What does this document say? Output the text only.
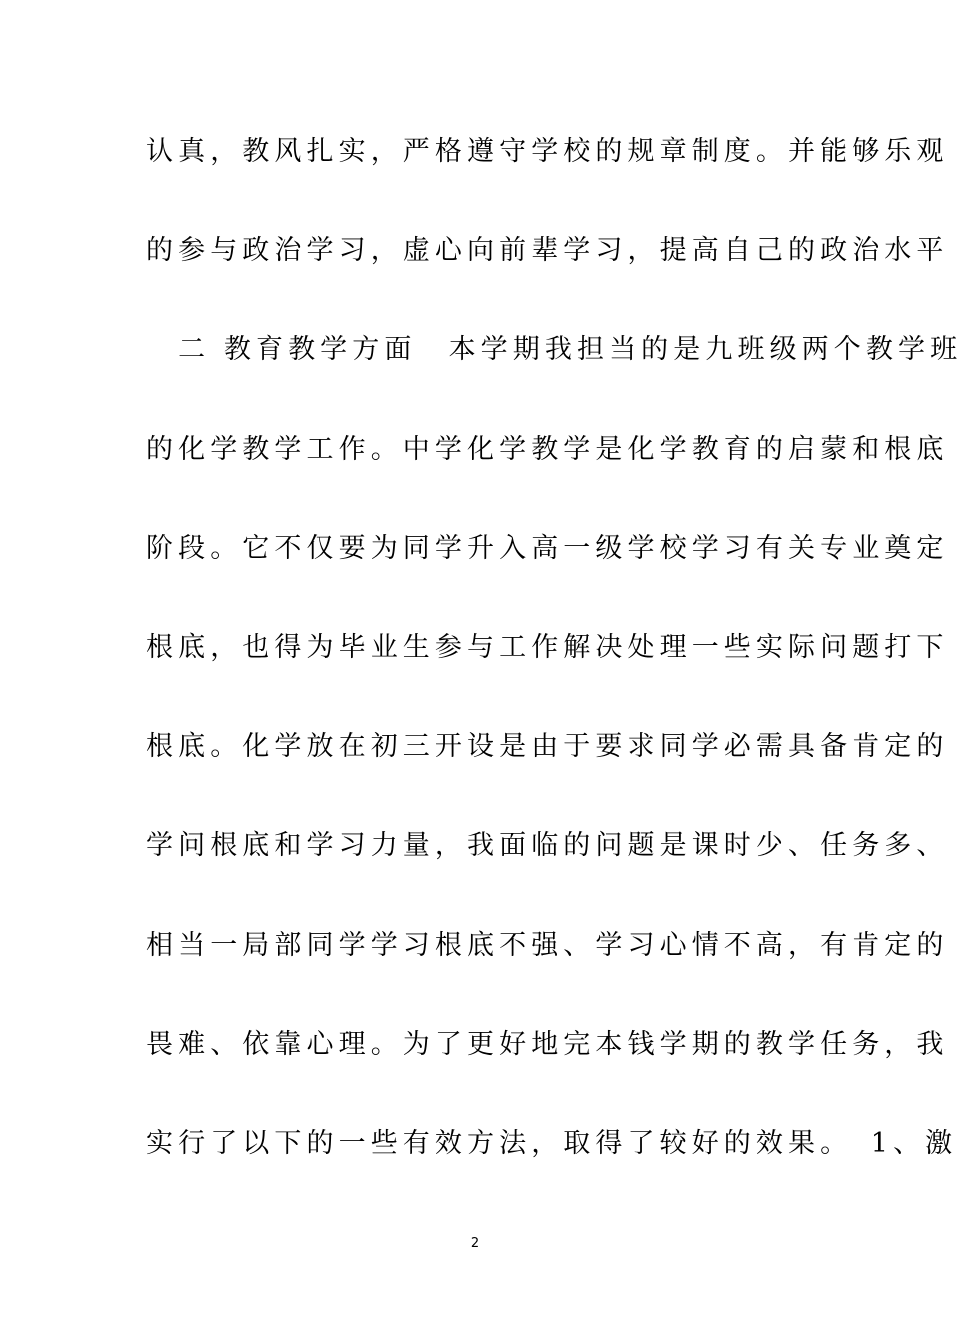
认真，教风扎实，严格遵守学校的规章制度。并能够乐观
的参与政治学习，虚心向前辈学习，提高自己的政治水平
　二 教育教学方面　本学期我担当的是九班级两个教学班
的化学教学工作。中学化学教学是化学教育的启蒙和根底
阶段。它不仅要为同学升入高一级学校学习有关专业奠定
根底，也得为毕业生参与工作解决处理一些实际问题打下
根底。化学放在初三开设是由于要求同学必需具备肯定的
学问根底和学习力量，我面临的问题是课时少、任务多、
相当一局部同学学习根底不强、学习心情不高，有肯定的
畏难、依靠心理。为了更好地完本钱学期的教学任务，我
实行了以下的一些有效方法，取得了较好的效果。　1、激
2
